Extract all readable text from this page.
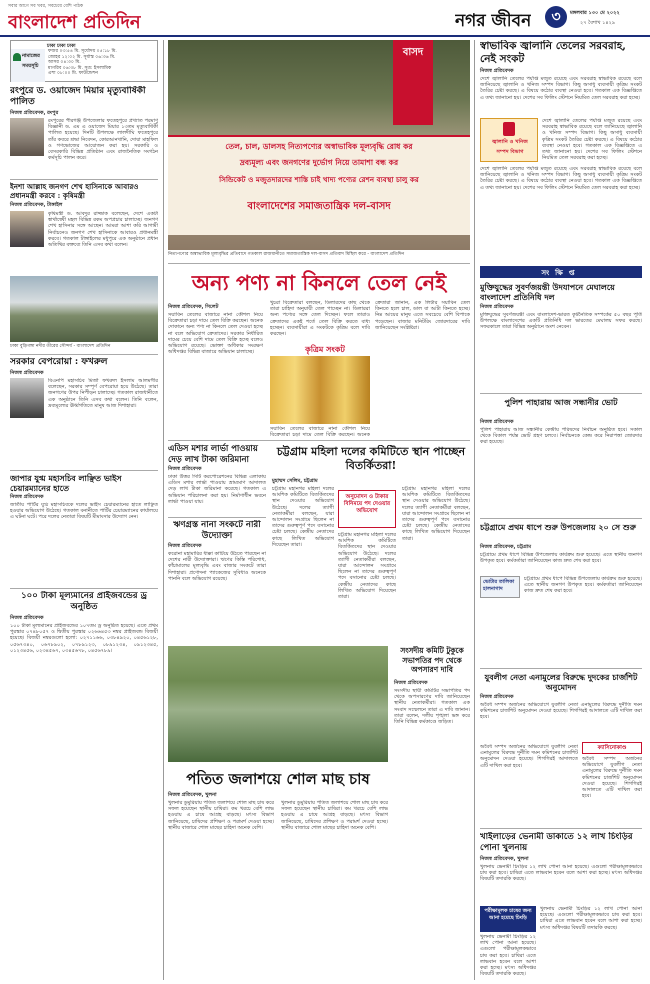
সবার আগে সব খবর, সবচেয়ে বেশি পাঠক
বাংলাদেশ প্রতিদিন	নগর জীবন	৩	মঙ্গলবার ১৩০ মে ২০২২
২৭ বৈশাখ ১৪২৯
ঢাকা ঢাকা ঢাকা
নামাজের
সময়সূচি
ফজর ০৩:৫৪ মি. সূর্যোদয় ০৫:১৮ মি.
জোহর ১২:০২ মি. সূর্যাস্ত ০৬:৩৬ মি.
আসর ০৪:৩০ মি.
মাগরিব ০৬:৩৮ মি. সূত্র: ইসলামিক
এশা ০৮:০০ মি. ফাউন্ডেশন
রংপুরে ড. ওয়াজেদ মিয়ার মৃত্যুবার্ষিকী পালিত
নিজস্ব প্রতিবেদক, রংপুর
রংপুরের পীরগঞ্জ উপজেলার ফতেহপুরে প্রখ্যাত পরমাণু বিজ্ঞানী ড. এম এ ওয়াজেদ মিয়ার ১৩তম মৃত্যুবার্ষিকী পালিত হয়েছে। দিনটি উপলক্ষে লালদীঘি ফতেহপুরে তাঁর কবরে শ্রদ্ধা নিবেদন, কোরআনখানি, দোয়া মাহফিল ও গণভোজের আয়োজন করা হয়। সরকারি ও বেসরকারি বিভিন্ন প্রতিষ্ঠান এবং রাজনৈতিক সংগঠন কর্মসূচি পালন করে।
ইনশা আল্লাহ জনগণ শেখ হাসিনাকে আবারও প্রধানমন্ত্রী করবে : কৃষিমন্ত্রী
নিজস্ব প্রতিবেদক, টাঙ্গাইল
কৃষিমন্ত্রী ড. আবদুর রাজ্জাক বলেছেন, দেশে একটা স্বার্থান্বেষী মহল বিভিন্ন রকম অপপ্রচার চালাচ্ছে। জনগণ শেখ হাসিনার সঙ্গে আছেন। আমরা আশা করি আগামী নির্বাচনেও জনগণ শেখ হাসিনাকে আবারও প্রধানমন্ত্রী করবে। গতকাল টাঙ্গাইলের মধুপুরে এক অনুষ্ঠানে প্রধান অতিথির বক্তব্যে তিনি এসব কথা বলেন।
ঢাকা বুড়িগঙ্গা নদীর তীরের সৌন্দর্য - বাংলাদেশ প্রতিদিন
সরকার বেপরোয়া : ফখরুল
নিজস্ব প্রতিবেদক
বিএনপি মহাসচিব মির্জা ফখরুল ইসলাম আলমগীর বলেছেন, সরকার সম্পূর্ণ বেপরোয়া হয়ে উঠেছে। তারা জনগণের উপর নিপীড়ন চালাচ্ছে। গতকাল রাজধানীতে এক অনুষ্ঠানে তিনি এসব কথা বলেন। তিনি বলেন, দ্রব্যমূল্যের ঊর্ধ্বগতিতে মানুষ আজ দিশাহারা।
জাপার যুগ্ম মহাসচিব লাঞ্ছিত ভাইস চেয়ারম্যানের হাতে
নিজস্ব প্রতিবেদক
জাতীয় পার্টির যুগ্ম মহাসচিবকে দলের ভাইস চেয়ারম্যানের হাতে লাঞ্ছিত হওয়ার অভিযোগ উঠেছে। গতকাল বনানীতে পার্টির চেয়ারম্যানের কার্যালয়ে এ ঘটনা ঘটে। পরে দলের নেতারা বিষয়টি মীমাংসার উদ্যোগ নেন।
১০০ টাকা মূল্যমানের প্রাইজবন্ডের ড্র অনুষ্ঠিত
নিজস্ব প্রতিবেদক
১০০ টাকা মূল্যমানের প্রাইজবন্ডের ১০৭তম ড্র অনুষ্ঠিত হয়েছে। এতে প্রথম পুরস্কার ০৭৪৮০৫৭ ও দ্বিতীয় পুরস্কার ০২৬৬৪৫৩ নম্বর প্রাইজবন্ড বিজয়ী হয়েছে। বিজয়ী নম্বরগুলো হলো: ০২৭১১৬৬, ০৩৮৪৯২০, ০৪৫৬১২৮, ০৫৬৭৩৪০, ০৬৭৮৯০২, ০৭৮৯১২৩, ০৮৯১২৩৪, ০৯১২৩৪৫, ০১২৩৪৫৬, ০২৩৪৫৬৭, ০৩৪৫৬৭৮, ০৪৫৬৭৮৯।
বাসদ
তেল, চাল, ডালসহ নিত্যপণ্যের অস্বাভাবিক মূল্যবৃদ্ধি রোধ কর
দ্রব্যমূল্য এবং জনগণের দুর্ভোগ নিয়ে তামাশা বন্ধ কর
সিন্ডিকেট ও মজুতদারদের শাস্তি চাই খাদ্য পণ্যের রেশন ব্যবস্থা চালু কর
বাংলাদেশের সমাজতান্ত্রিক দল-বাসদ
নিত্যপণ্যের অস্বাভাবিক মূল্যবৃদ্ধির প্রতিবাদে গতকাল রাজধানীতে সমাজতান্ত্রিক দল-বাসদ প্রতিবাদ মিছিল করে - বাংলাদেশ প্রতিদিন
অন্য পণ্য না কিনলে তেল নেই
নিজস্ব প্রতিবেদক, সিলেট
সয়াবিন তেলের বাজারে নানা কৌশল নিয়ে বিক্রেতারা চড়া দামে তেল বিক্রি করছেন। অনেক দোকানে অন্য পণ্য না কিনলে তেল দেওয়া হচ্ছে না বলে অভিযোগ ক্রেতাদের। সরকার নির্ধারিত দামের চেয়ে বেশি দামে তেল বিক্রি হচ্ছে বলেও অভিযোগ রয়েছে। ভোক্তা অধিকার সংরক্ষণ অধিদপ্তর বিভিন্ন বাজারে অভিযান চালাচ্ছে।
খুচরা বিক্রেতারা বলছেন, ডিলারদের কাছ থেকে তারা চাহিদা অনুযায়ী তেল পাচ্ছেন না। ডিলাররা অন্য পণ্যের সঙ্গে তেল দিচ্ছেন। ফলে তারাও ক্রেতাদের একই শর্তে তেল বিক্রি করতে বাধ্য হচ্ছেন। ব্যবসায়ীরা এ সংকটকে কৃত্রিম বলে দাবি করছেন।
কৃত্রিম সংকট
ক্রেতারা জানান, এক লিটার সয়াবিন তেল কিনতে হলে চাল, ডাল বা আটা কিনতে হচ্ছে। নিম্ন আয়ের মানুষ এতে সবচেয়ে বেশি বিপাকে পড়েছেন। বাজার মনিটরিং জোরদারের দাবি জানিয়েছেন সংশ্লিষ্টরা।
সয়াবিন তেলের বাজারে নানা কৌশল নিয়ে বিক্রেতারা চড়া দামে তেল বিক্রি করছেন। অনেক
এডিস মশার লার্ভা পাওয়ায় দেড় লাখ টাকা জরিমানা
নিজস্ব প্রতিবেদক
ঢাকা উত্তর সিটি করপোরেশনের বিভিন্ন এলাকায় এডিস মশার লার্ভা পাওয়ায় ভ্রাম্যমাণ আদালত দেড় লাখ টাকা জরিমানা করেছে। গতকাল এ অভিযান পরিচালনা করা হয়। নির্মাণাধীন ভবনে লার্ভা পাওয়া যায়।
ঋণগ্রস্ত নানা সংকটে নারী উদ্যোক্তা
নিজস্ব প্রতিবেদক
করোনা মহামারির ধাক্কা কাটিয়ে উঠতে পারছেন না দেশের নারী উদ্যোক্তারা। ঋণের কিস্তি পরিশোধ, কাঁচামালের মূল্যবৃদ্ধি এবং বাজার সংকটে তারা দিশাহারা। প্রণোদনা প্যাকেজের সুবিধাও অনেকে পাননি বলে অভিযোগ রয়েছে।
চট্টগ্রাম মহিলা দলের কমিটিতে স্থান পাচ্ছেন বিতর্কিতরা!
মুহাম্মদ সেলিম, চট্টগ্রাম
চট্টগ্রাম মহানগর মহিলা দলের আংশিক কমিটিতে বিতর্কিতদের স্থান দেওয়ার অভিযোগ উঠেছে। দলের ত্যাগী নেতাকর্মীরা বলছেন, যারা আন্দোলন সংগ্রামে ছিলেন না তাদের গুরুত্বপূর্ণ পদে বসানোর চেষ্টা চলছে। কেন্দ্রীয় নেতাদের কাছে লিখিত অভিযোগ দিয়েছেন তারা।
অনুমোদন ও টাকার বিনিময়ে পদ দেওয়ার অভিযোগ
চট্টগ্রাম মহানগর মহিলা দলের আংশিক কমিটিতে বিতর্কিতদের স্থান দেওয়ার অভিযোগ উঠেছে। দলের ত্যাগী নেতাকর্মীরা বলছেন, যারা আন্দোলন সংগ্রামে ছিলেন না তাদের গুরুত্বপূর্ণ পদে বসানোর চেষ্টা চলছে। কেন্দ্রীয় নেতাদের কাছে লিখিত অভিযোগ দিয়েছেন তারা।
চট্টগ্রাম মহানগর মহিলা দলের আংশিক কমিটিতে বিতর্কিতদের স্থান দেওয়ার অভিযোগ উঠেছে। দলের ত্যাগী নেতাকর্মীরা বলছেন, যারা আন্দোলন সংগ্রামে ছিলেন না তাদের গুরুত্বপূর্ণ পদে বসানোর চেষ্টা চলছে। কেন্দ্রীয় নেতাদের কাছে লিখিত অভিযোগ দিয়েছেন তারা।
সংসদীয় কমিটি টুকুকে সভাপতির পদ থেকে অপসারণ দাবি
নিজস্ব প্রতিবেদক
সংসদীয় স্থায়ী কমিটির সভাপতির পদ থেকে অপসারণের দাবি জানিয়েছেন স্থানীয় নেতাকর্মীরা। গতকাল এক সংবাদ সম্মেলনে তারা এ দাবি জানান। তারা বলেন, দলীয় শৃঙ্খলা ভঙ্গ করে তিনি বিভিন্ন কর্মকাণ্ডে জড়িত।
পতিত জলাশয়ে শোল মাছ চাষ
নিজস্ব প্রতিবেদক, খুলনা
খুলনার ডুমুরিয়ায় পতিত জলাশয়ে শোল মাছ চাষ করে সফল হয়েছেন স্থানীয় চাষিরা। কম খরচে বেশি লাভ হওয়ায় এ চাষে আগ্রহ বাড়ছে। মৎস্য বিভাগ জানিয়েছে, চাষিদের প্রশিক্ষণ ও পরামর্শ দেওয়া হচ্ছে। স্থানীয় বাজারে শোল মাছের চাহিদা অনেক বেশি।
খুলনার ডুমুরিয়ায় পতিত জলাশয়ে শোল মাছ চাষ করে সফল হয়েছেন স্থানীয় চাষিরা। কম খরচে বেশি লাভ হওয়ায় এ চাষে আগ্রহ বাড়ছে। মৎস্য বিভাগ জানিয়েছে, চাষিদের প্রশিক্ষণ ও পরামর্শ দেওয়া হচ্ছে। স্থানীয় বাজারে শোল মাছের চাহিদা অনেক বেশি।
স্বাভাবিক জ্বালানি তেলের সরবরাহ, নেই সংকট
নিজস্ব প্রতিবেদক
দেশে জ্বালানি তেলের পর্যাপ্ত মজুত রয়েছে এবং সরবরাহ স্বাভাবিক রয়েছে বলে জানিয়েছে জ্বালানি ও খনিজ সম্পদ বিভাগ। কিছু অসাধু ব্যবসায়ী কৃত্রিম সংকট তৈরির চেষ্টা করছে। এ বিষয়ে কঠোর ব্যবস্থা নেওয়া হবে। গতকাল এক বিজ্ঞপ্তিতে এ তথ্য জানানো হয়। দেশের সব ফিলিং স্টেশনে নিয়মিত তেল সরবরাহ করা হচ্ছে।
জ্বালানি ও খনিজ
সম্পদ বিভাগ
দেশে জ্বালানি তেলের পর্যাপ্ত মজুত রয়েছে এবং সরবরাহ স্বাভাবিক রয়েছে বলে জানিয়েছে জ্বালানি ও খনিজ সম্পদ বিভাগ। কিছু অসাধু ব্যবসায়ী কৃত্রিম সংকট তৈরির চেষ্টা করছে। এ বিষয়ে কঠোর ব্যবস্থা নেওয়া হবে। গতকাল এক বিজ্ঞপ্তিতে এ তথ্য জানানো হয়। দেশের সব ফিলিং স্টেশনে নিয়মিত তেল সরবরাহ করা হচ্ছে।
দেশে জ্বালানি তেলের পর্যাপ্ত মজুত রয়েছে এবং সরবরাহ স্বাভাবিক রয়েছে বলে জানিয়েছে জ্বালানি ও খনিজ সম্পদ বিভাগ। কিছু অসাধু ব্যবসায়ী কৃত্রিম সংকট তৈরির চেষ্টা করছে। এ বিষয়ে কঠোর ব্যবস্থা নেওয়া হবে। গতকাল এক বিজ্ঞপ্তিতে এ তথ্য জানানো হয়। দেশের সব ফিলিং স্টেশনে নিয়মিত তেল সরবরাহ করা হচ্ছে।
সংক্ষিপ্ত
মুক্তিযুদ্ধের সুবর্ণজয়ন্তী উদযাপনে মেঘালয়ে বাংলাদেশ প্রতিনিধি দল
নিজস্ব প্রতিবেদক
মুক্তিযুদ্ধের সুবর্ণজয়ন্তী এবং বাংলাদেশ-ভারত কূটনৈতিক সম্পর্কের ৫০ বছর পূর্তি উপলক্ষে বাংলাদেশের একটি প্রতিনিধি দল ভারতের মেঘালয় সফর করছে। সফরকালে তারা বিভিন্ন অনুষ্ঠানে অংশ নেবেন।
পুলিশ পাহারায় আজ সন্ধানীর ভোট
নিজস্ব প্রতিবেদক
পুলিশ পাহারায় আজ সন্ধানীর কেন্দ্রীয় পরিষদের নির্বাচন অনুষ্ঠিত হবে। সকাল থেকে বিকাল পর্যন্ত ভোট গ্রহণ চলবে। নির্বাচনকে কেন্দ্র করে নিরাপত্তা জোরদার করা হয়েছে।
চট্টগ্রামে প্রথম ধাপে শুরু উপজেলায় ২০ সে শুরু
নিজস্ব প্রতিবেদক, চট্টগ্রাম
চট্টগ্রামে প্রথম ধাপে বিভিন্ন উপজেলায় কার্যক্রম শুরু হয়েছে। এতে স্থানীয় জনগণ উপকৃত হবে। কর্মকর্তারা জানিয়েছেন কাজ দ্রুত শেষ করা হবে।
ভোটার তালিকা হালনাগাদ
চট্টগ্রামে প্রথম ধাপে বিভিন্ন উপজেলায় কার্যক্রম শুরু হয়েছে। এতে স্থানীয় জনগণ উপকৃত হবে। কর্মকর্তারা জানিয়েছেন কাজ দ্রুত শেষ করা হবে।
যুবলীগ নেতা এনামুলের বিরুদ্ধে দুদকের চার্জশিট অনুমোদন
নিজস্ব প্রতিবেদক
অবৈধ সম্পদ অর্জনের অভিযোগে যুবলীগ নেতা এনামুলের বিরুদ্ধে দুর্নীতি দমন কমিশনের চার্জশিট অনুমোদন দেওয়া হয়েছে। শিগগিরই আদালতে এটি দাখিল করা হবে।
ক্যাসিনোকাণ্ড
অবৈধ সম্পদ অর্জনের অভিযোগে যুবলীগ নেতা এনামুলের বিরুদ্ধে দুর্নীতি দমন কমিশনের চার্জশিট অনুমোদন দেওয়া হয়েছে। শিগগিরই আদালতে এটি দাখিল করা হবে।
অবৈধ সম্পদ অর্জনের অভিযোগে যুবলীগ নেতা এনামুলের বিরুদ্ধে দুর্নীতি দমন কমিশনের চার্জশিট অনুমোদন দেওয়া হয়েছে। শিগগিরই আদালতে এটি দাখিল করা হবে।
খাইলাড়ের ভেনামী ডাকাতে ১২ লাখ চিংড়ির পোনা খুলনায়
নিজস্ব প্রতিবেদক, খুলনা
খুলনায় ভেনামী চিংড়ির ১২ লাখ পোনা আনা হয়েছে। এগুলো পরীক্ষামূলকভাবে চাষ করা হবে। চাষিরা এতে লাভবান হবেন বলে আশা করা হচ্ছে। মৎস্য অধিদপ্তর বিষয়টি তদারকি করছে।
পরীক্ষামূলক চাষের জন্য আনা হয়েছে চিংড়ি
খুলনায় ভেনামী চিংড়ির ১২ লাখ পোনা আনা হয়েছে। এগুলো পরীক্ষামূলকভাবে চাষ করা হবে। চাষিরা এতে লাভবান হবেন বলে আশা করা হচ্ছে। মৎস্য অধিদপ্তর বিষয়টি তদারকি করছে।
খুলনায় ভেনামী চিংড়ির ১২ লাখ পোনা আনা হয়েছে। এগুলো পরীক্ষামূলকভাবে চাষ করা হবে। চাষিরা এতে লাভবান হবেন বলে আশা করা হচ্ছে। মৎস্য অধিদপ্তর বিষয়টি তদারকি করছে।
